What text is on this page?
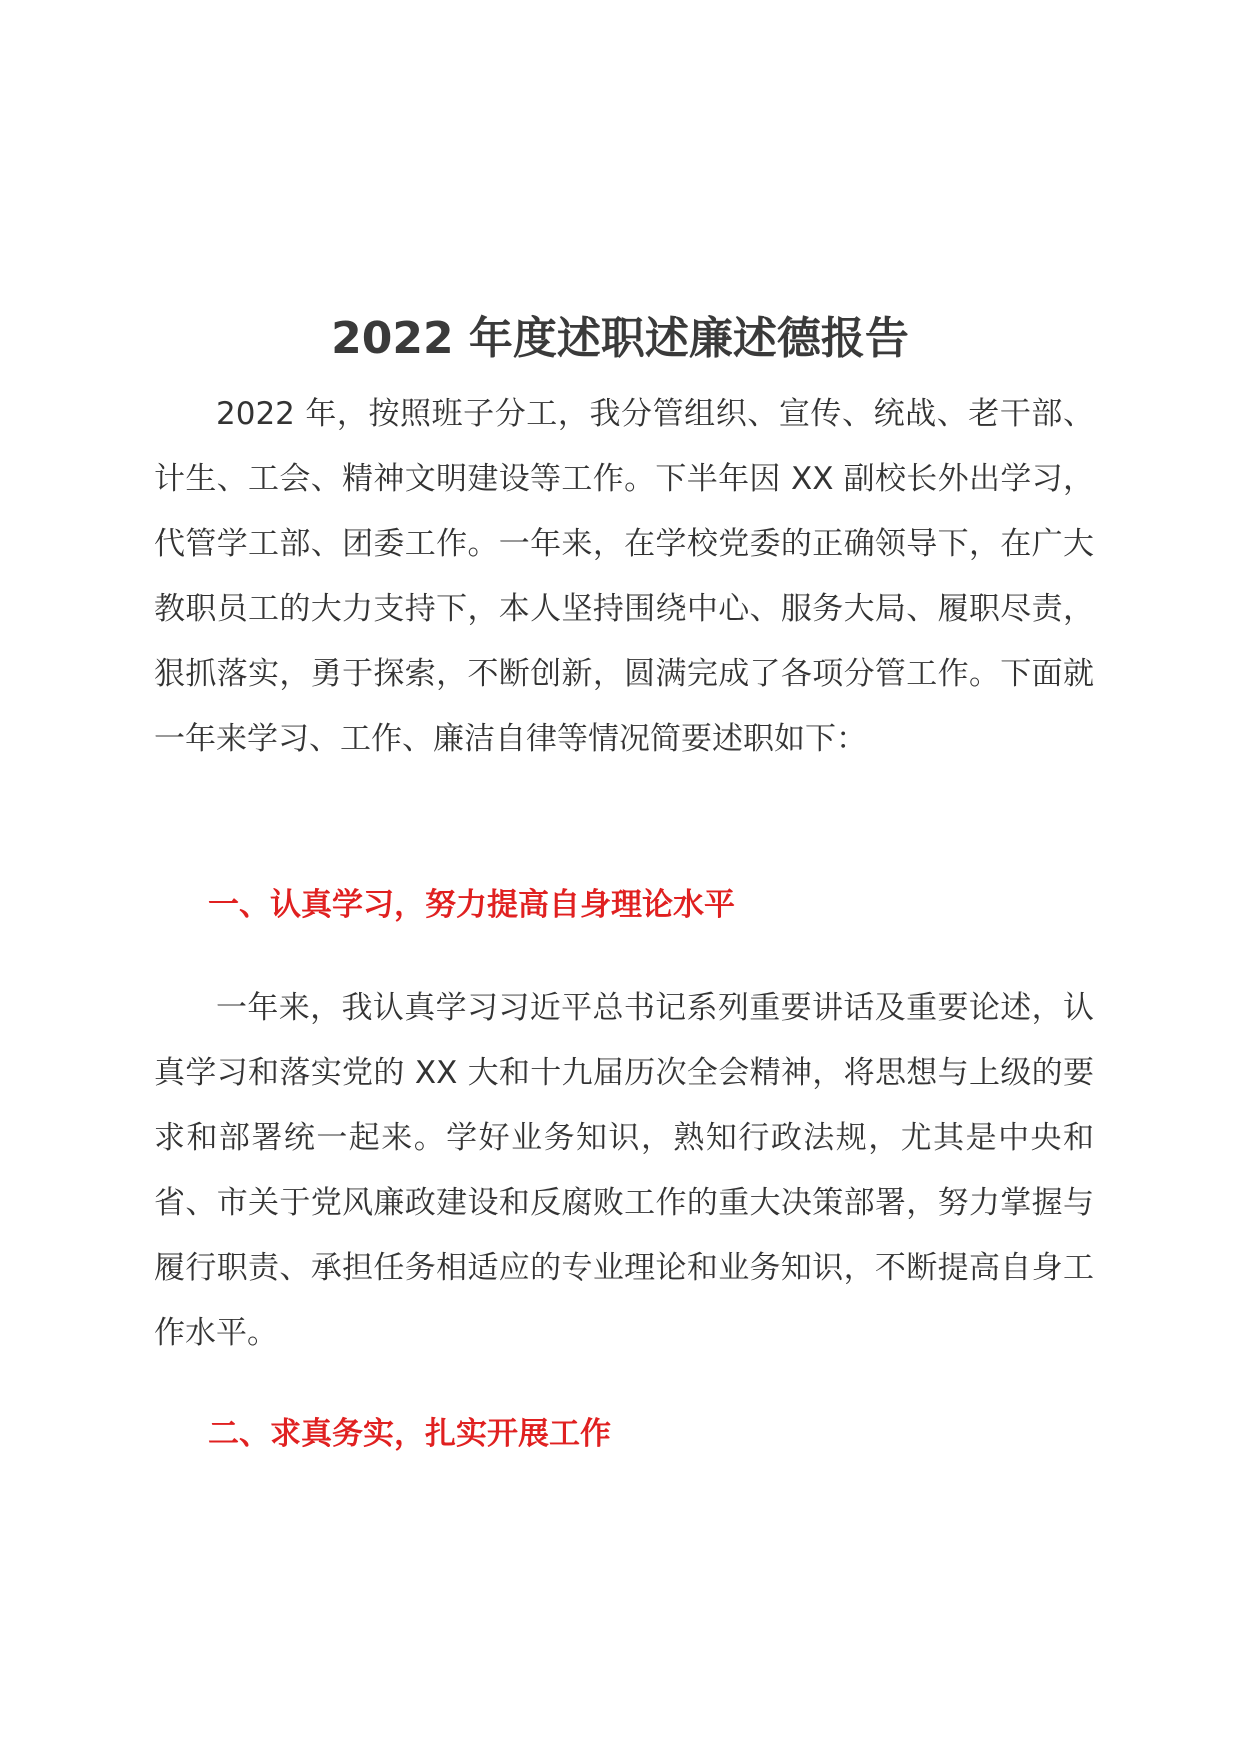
2022 年度述职述廉述德报告

2022 年，按照班子分工，我分管组织、宣传、统战、老干部、计生、工会、精神文明建设等工作。下半年因 XX 副校长外出学习，代管学工部、团委工作。一年来，在学校党委的正确领导下，在广大教职员工的大力支持下，本人坚持围绕中心、服务大局、履职尽责，狠抓落实，勇于探索，不断创新，圆满完成了各项分管工作。下面就一年来学习、工作、廉洁自律等情况简要述职如下：

一、认真学习，努力提高自身理论水平

一年来，我认真学习习近平总书记系列重要讲话及重要论述，认真学习和落实党的 XX 大和十九届历次全会精神，将思想与上级的要求和部署统一起来。学好业务知识，熟知行政法规，尤其是中央和省、市关于党风廉政建设和反腐败工作的重大决策部署，努力掌握与履行职责、承担任务相适应的专业理论和业务知识，不断提高自身工作水平。

二、求真务实，扎实开展工作
